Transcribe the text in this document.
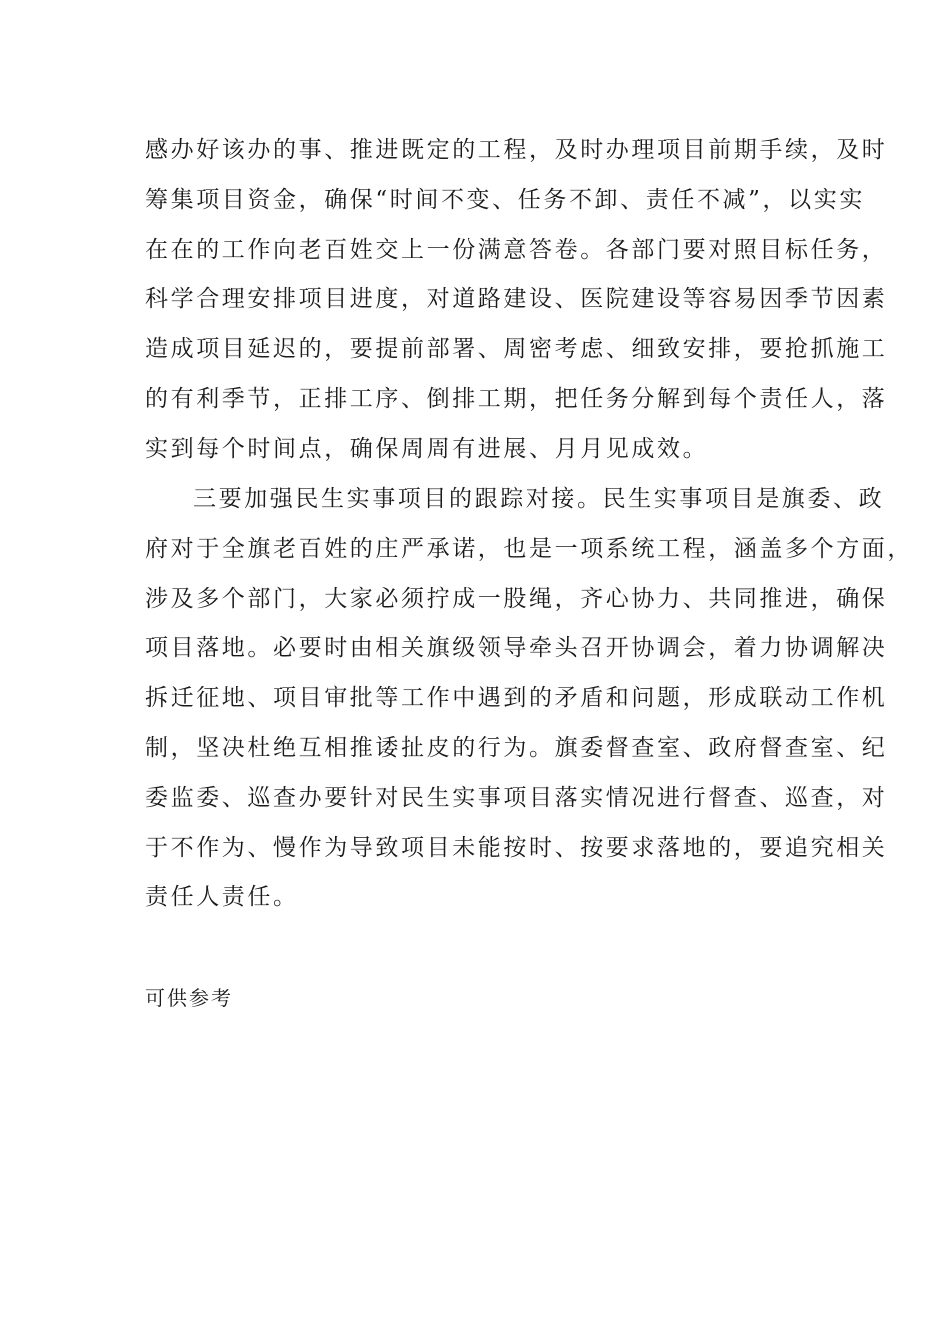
感办好该办的事、推进既定的工程，及时办理项目前期手续，及时
筹集项目资金，确保“时间不变、任务不卸、责任不减”，以实实
在在的工作向老百姓交上一份满意答卷。各部门要对照目标任务，
科学合理安排项目进度，对道路建设、医院建设等容易因季节因素
造成项目延迟的，要提前部署、周密考虑、细致安排，要抢抓施工
的有利季节，正排工序、倒排工期，把任务分解到每个责任人，落
实到每个时间点，确保周周有进展、月月见成效。
三要加强民生实事项目的跟踪对接。民生实事项目是旗委、政
府对于全旗老百姓的庄严承诺，也是一项系统工程，涵盖多个方面，
涉及多个部门，大家必须拧成一股绳，齐心协力、共同推进，确保
项目落地。必要时由相关旗级领导牵头召开协调会，着力协调解决
拆迁征地、项目审批等工作中遇到的矛盾和问题，形成联动工作机
制，坚决杜绝互相推诿扯皮的行为。旗委督查室、政府督查室、纪
委监委、巡查办要针对民生实事项目落实情况进行督查、巡查，对
于不作为、慢作为导致项目未能按时、按要求落地的，要追究相关
责任人责任。
可供参考
